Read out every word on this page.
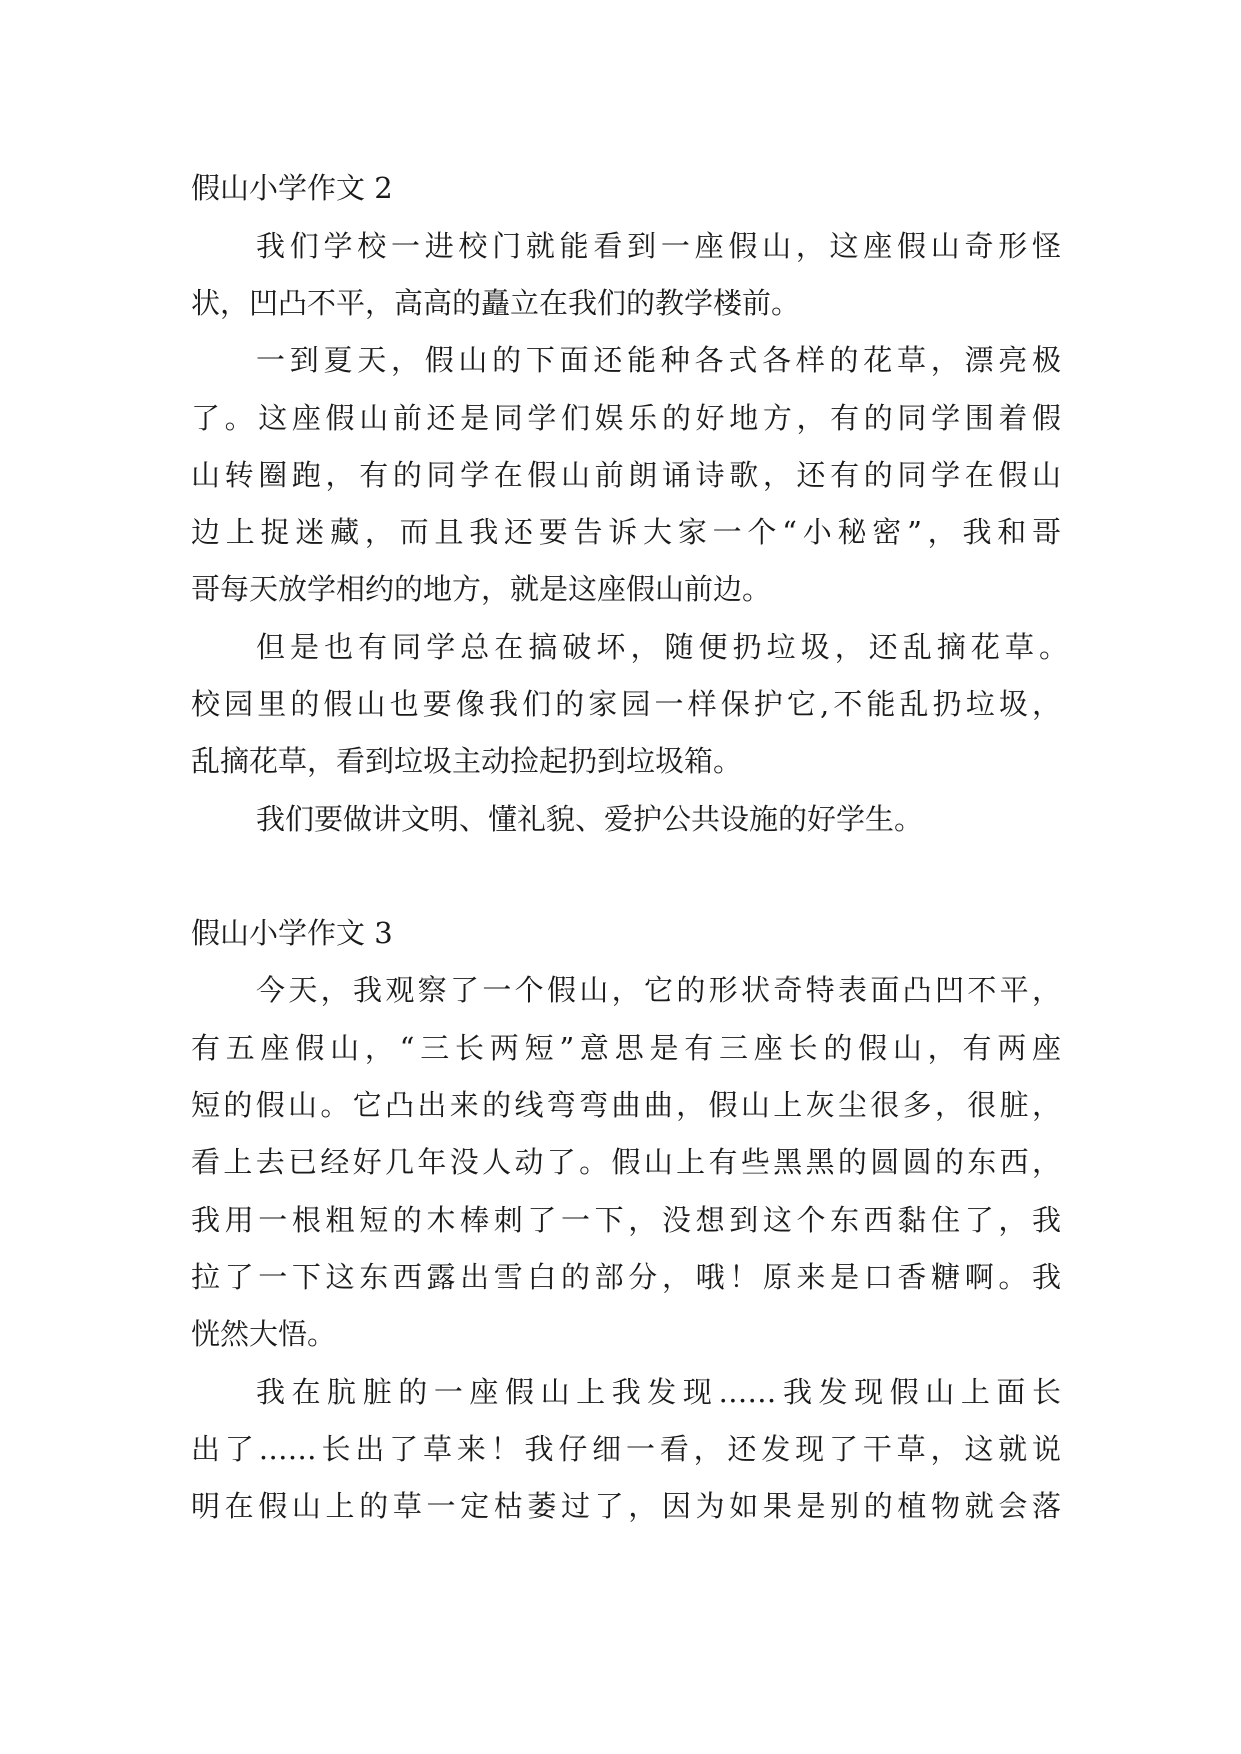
假山小学作文 2
我们学校一进校门就能看到一座假山，这座假山奇形怪
状，凹凸不平，高高的矗立在我们的教学楼前。
一到夏天，假山的下面还能种各式各样的花草，漂亮极
了。这座假山前还是同学们娱乐的好地方，有的同学围着假
山转圈跑，有的同学在假山前朗诵诗歌，还有的同学在假山
边上捉迷藏，而且我还要告诉大家一个“小秘密”，我和哥
哥每天放学相约的地方，就是这座假山前边。
但是也有同学总在搞破坏，随便扔垃圾，还乱摘花草。
校园里的假山也要像我们的家园一样保护它,不能乱扔垃圾，
乱摘花草，看到垃圾主动捡起扔到垃圾箱。
我们要做讲文明、懂礼貌、爱护公共设施的好学生。
假山小学作文 3
今天，我观察了一个假山，它的形状奇特表面凸凹不平，
有五座假山，“三长两短”意思是有三座长的假山，有两座
短的假山。它凸出来的线弯弯曲曲，假山上灰尘很多，很脏，
看上去已经好几年没人动了。假山上有些黑黑的圆圆的东西，
我用一根粗短的木棒刺了一下，没想到这个东西黏住了，我
拉了一下这东西露出雪白的部分，哦！原来是口香糖啊。我
恍然大悟。
我在肮脏的一座假山上我发现……我发现假山上面长
出了……长出了草来！我仔细一看，还发现了干草，这就说
明在假山上的草一定枯萎过了，因为如果是别的植物就会落
